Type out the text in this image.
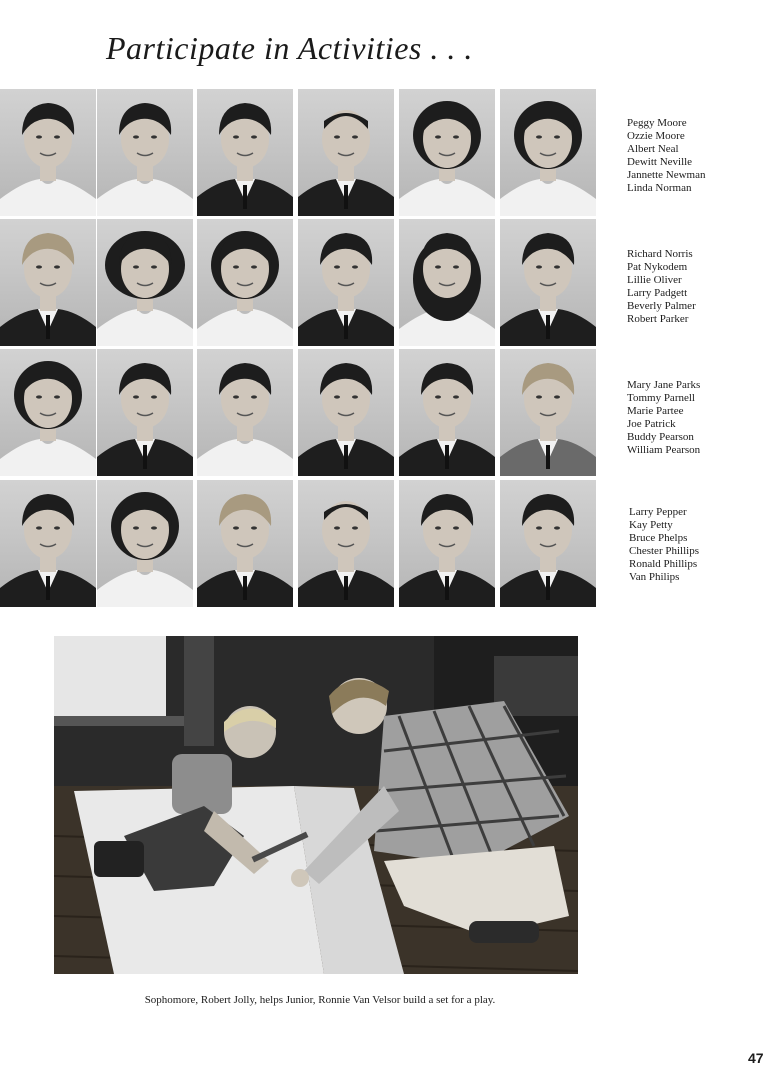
Participate in Activities . . .
Peggy Moore
Ozzie Moore
Albert Neal
Dewitt Neville
Jannette Newman
Linda Norman
Richard Norris
Pat Nykodem
Lillie Oliver
Larry Padgett
Beverly Palmer
Robert Parker
Mary Jane Parks
Tommy Parnell
Marie Partee
Joe Patrick
Buddy Pearson
William Pearson
Larry Pepper
Kay Petty
Bruce Phelps
Chester Phillips
Ronald Phillips
Van Philips

Sophomore, Robert Jolly, helps Junior, Ronnie Van Velsor build a set for a play.

47
